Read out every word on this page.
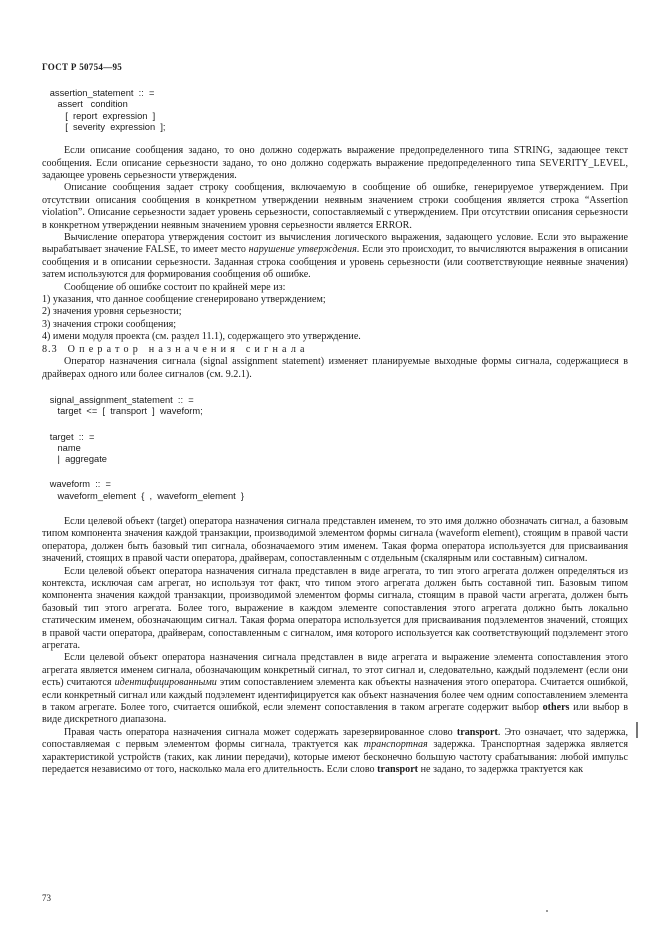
ГОСТ Р 50754—95
assertion_statement  ::  =
assert   condition
[  report  expression  ]
[  severity  expression  ];

Если описание сообщения задано, то оно должно содержать выражение предопределенного типа STRING, задающее текст сообщения. Если описание серьезности задано, то оно должно содержать выражение предопределенного типа SEVERITY_LEVEL, задающее уровень серьезности утверждения.

Описание сообщения задает строку сообщения, включаемую в сообщение об ошибке, генерируемое утверждением. При отсутствии описания сообщения в конкретном утверждении неявным значением строки сообщения является строка “Assertion violation”. Описание серьезности задает уровень серьезности, сопоставляемый с утверждением. При отсутствии описания серьезности в конкретном утверждении неявным значением уровня серьезности является ERROR.

Вычисление оператора утверждения состоит из вычисления логического выражения, задающего условие. Если это выражение вырабатывает значение FALSE, то имеет место нарушение утверждения. Если это происходит, то вычисляются выражения в описании сообщения и в описании серьезности. Заданная строка сообщения и уровень серьезности (или соответствующие неявные значения) затем используются для формирования сообщения об ошибке.

Сообщение об ошибке состоит по крайней мере из:

1) указания, что данное сообщение сгенерировано утверждением;

2) значения уровня серьезности;

3) значения строки сообщения;

4) имени модуля проекта (см. раздел 11.1), содержащего это утверждение.

8.3 Оператор назначения сигнала

Оператор назначения сигнала (signal assignment statement) изменяет планируемые выходные формы сигнала, содержащиеся в драйверах одного или более сигналов (см. 9.2.1).

signal_assignment_statement  ::  =
target  <=  [  transport  ]  waveform;
target  ::  =
name
|  aggregate
waveform  ::  =
waveform_element  {  ,  waveform_element  }

Если целевой объект (target) оператора назначения сигнала представлен именем, то это имя должно обозначать сигнал, а базовым типом компонента значения каждой транзакции, производимой элементом формы сигнала (waveform element), стоящим в правой части оператора, должен быть базовый тип сигнала, обозначаемого этим именем. Такая форма оператора используется для присваивания значений, стоящих в правой части оператора, драйверам, сопоставленным с отдельным (скалярным или составным) сигналом.

Если целевой объект оператора назначения сигнала представлен в виде агрегата, то тип этого агрегата должен определяться из контекста, исключая сам агрегат, но используя тот факт, что типом этого агрегата должен быть составной тип. Базовым типом компонента значения каждой транзакции, производимой элементом формы сигнала, стоящим в правой части агрегата, должен быть базовый тип этого агрегата. Более того, выражение в каждом элементе сопоставления этого агрегата должно быть локально статическим именем, обозначающим сигнал. Такая форма оператора используется для присваивания подэлементов значений, стоящих в правой части оператора, драйверам, сопоставленным с сигналом, имя которого используется как соответствующий подэлемент этого агрегата.

Если целевой объект оператора назначения сигнала представлен в виде агрегата и выражение элемента сопоставления этого агрегата является именем сигнала, обозначающим конкретный сигнал, то этот сигнал и, следовательно, каждый подэлемент (если они есть) считаются идентифицированными этим сопоставлением элемента как объекты назначения этого оператора. Считается ошибкой, если конкретный сигнал или каждый подэлемент идентифицируется как объект назначения более чем одним сопоставлением элемента в таком агрегате. Более того, считается ошибкой, если элемент сопоставления в таком агрегате содержит выбор others или выбор в виде дискретного диапазона.

Правая часть оператора назначения сигнала может содержать зарезервированное слово transport. Это означает, что задержка, сопоставляемая с первым элементом формы сигнала, трактуется как транспортная задержка. Транспортная задержка является характеристикой устройств (таких, как линии передачи), которые имеют бесконечно большую частоту срабатывания: любой импульс передается независимо от того, насколько мала его длительность. Если слово transport не задано, то задержка трактуется как

73
